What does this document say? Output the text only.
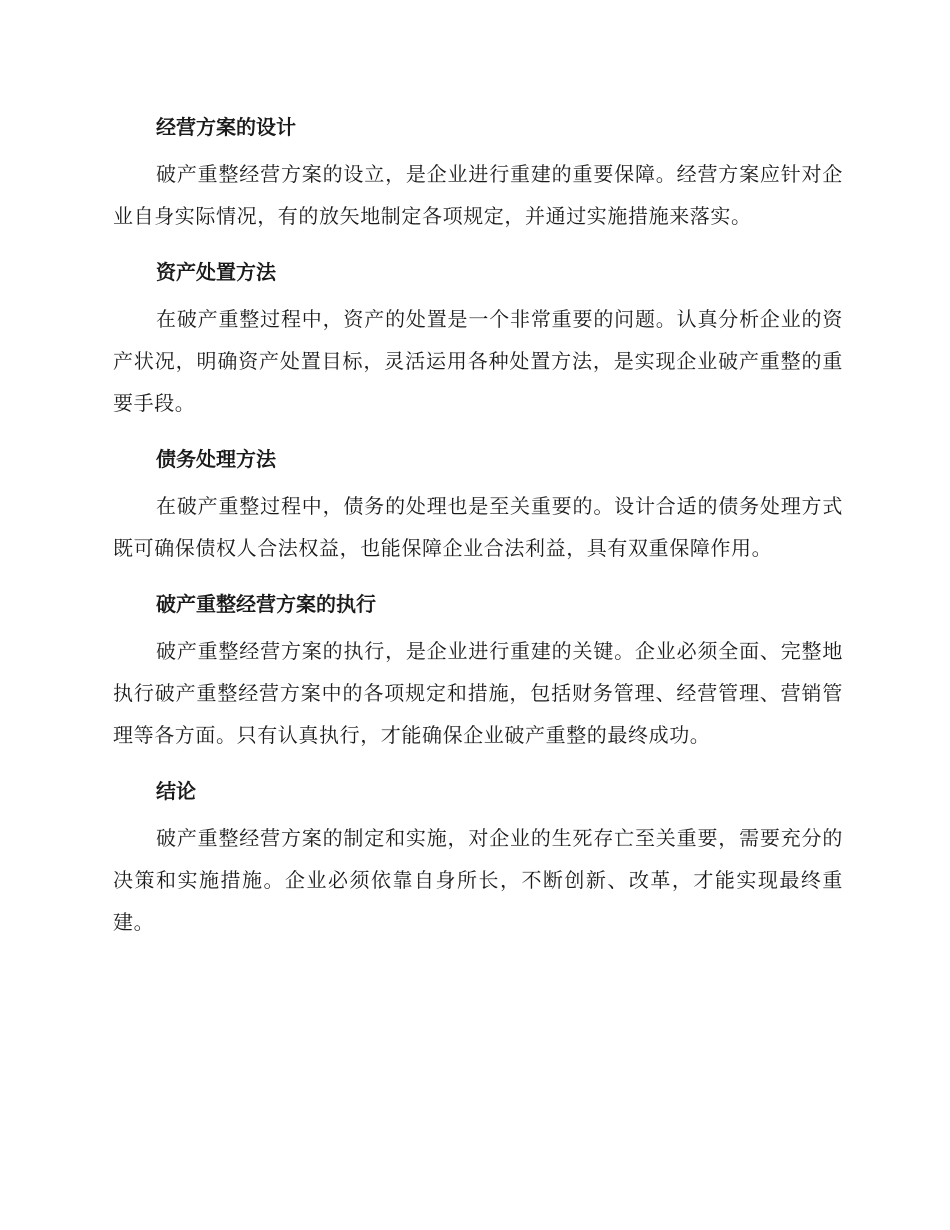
经营方案的设计

破产重整经营方案的设立，是企业进行重建的重要保障。经营方案应针对企业自身实际情况，有的放矢地制定各项规定，并通过实施措施来落实。

资产处置方法

在破产重整过程中，资产的处置是一个非常重要的问题。认真分析企业的资产状况，明确资产处置目标，灵活运用各种处置方法，是实现企业破产重整的重要手段。

债务处理方法

在破产重整过程中，债务的处理也是至关重要的。设计合适的债务处理方式既可确保债权人合法权益，也能保障企业合法利益，具有双重保障作用。

破产重整经营方案的执行

破产重整经营方案的执行，是企业进行重建的关键。企业必须全面、完整地执行破产重整经营方案中的各项规定和措施，包括财务管理、经营管理、营销管理等各方面。只有认真执行，才能确保企业破产重整的最终成功。

结论

破产重整经营方案的制定和实施，对企业的生死存亡至关重要，需要充分的决策和实施措施。企业必须依靠自身所长，不断创新、改革，才能实现最终重建。
